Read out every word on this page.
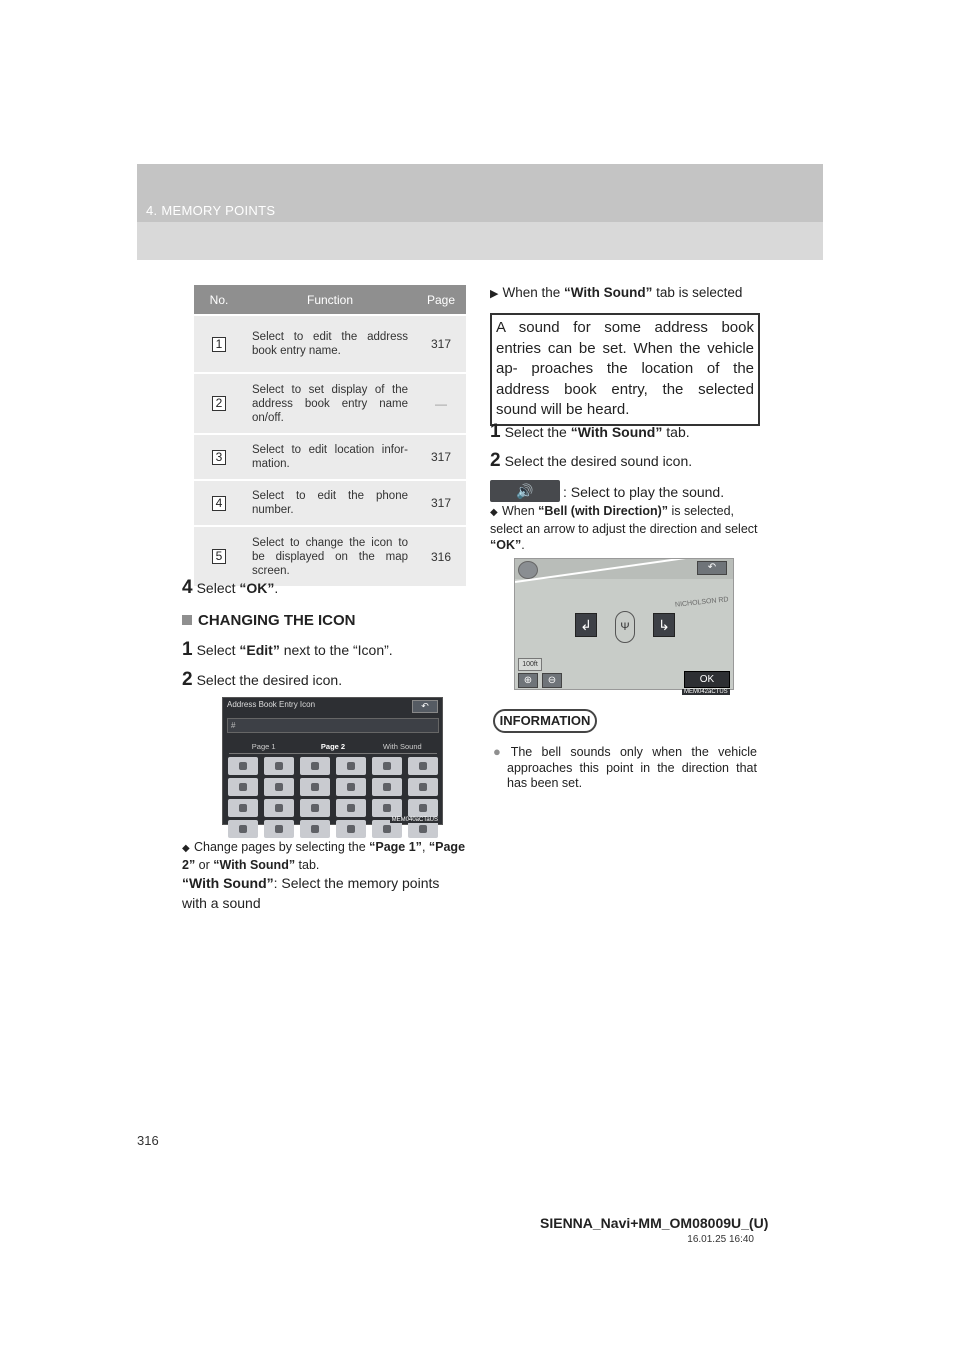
4. MEMORY POINTS
No.	Function	Page
1	Select to edit the address book entry name.	317
2	Select to set display of the address book entry name on/off.	—
3	Select to edit location infor- mation.	317
4	Select to edit the phone number.	317
5	Select to change the icon to be displayed on the map screen.	316
4 Select “OK”.
CHANGING THE ICON
1 Select “Edit” next to the “Icon”.
2 Select the desired icon.
Address Book Entry Icon	↶
#
Page 1	Page 2	With Sound
MEM040aCTaUS
◆ Change pages by selecting the “Page 1”, “Page 2” or “With Sound” tab.
“With Sound”: Select the memory points with a sound
▶ When the “With Sound” tab is selected
A sound for some address book entries can be set. When the vehicle ap- proaches the location of the address book entry, the selected sound will be heard.
1 Select the “With Sound” tab.
2 Select the desired sound icon.
🔊	: Select to play the sound.
◆ When “Bell (with Direction)” is selected, select an arrow to adjust the direction and select “OK”.
↶
NICHOLSON RD
↲	Ψ	↳
100ft
⊕	⊖	OK
MEM042aCTUS
INFORMATION
● The bell sounds only when the vehicle approaches this point in the direction that has been set.
316
SIENNA_Navi+MM_OM08009U_(U)
16.01.25 16:40
